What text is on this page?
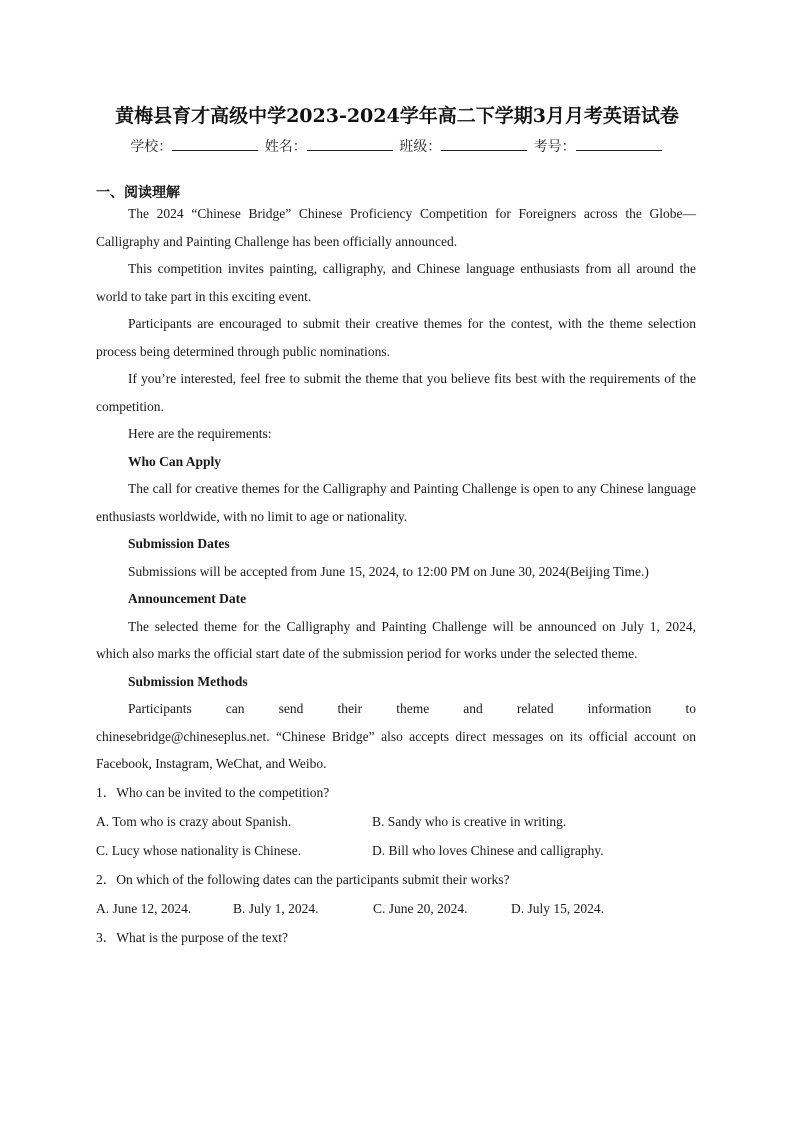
黄梅县育才高级中学2023-2024学年高二下学期3月月考英语试卷
学校：	姓名：	班级：	考号：
一、阅读理解

The 2024 “Chinese Bridge” Chinese Proficiency Competition for Foreigners across the Globe—Calligraphy and Painting Challenge has been officially announced.

This competition invites painting, calligraphy, and Chinese language enthusiasts from all around the world to take part in this exciting event.

Participants are encouraged to submit their creative themes for the contest, with the theme selection process being determined through public nominations.

If you’re interested, feel free to submit the theme that you believe fits best with the requirements of the competition.

Here are the requirements:

Who Can Apply

The call for creative themes for the Calligraphy and Painting Challenge is open to any Chinese language enthusiasts worldwide, with no limit to age or nationality.

Submission Dates

Submissions will be accepted from June 15, 2024, to 12:00 PM on June 30, 2024(Beijing Time.)

Announcement Date

The selected theme for the Calligraphy and Painting Challenge will be announced on July 1, 2024, which also marks the official start date of the submission period for works under the selected theme.

Submission Methods

Participants can send their theme and related information to

chinesebridge@chineseplus.net. “Chinese Bridge” also accepts direct messages on its official account on Facebook, Instagram, WeChat, and Weibo.

1．Who can be invited to the competition?

A. Tom who is crazy about Spanish.	B. Sandy who is creative in writing.
C. Lucy whose nationality is Chinese.	D. Bill who loves Chinese and calligraphy.

2．On which of the following dates can the participants submit their works?

A. June 12, 2024.	B. July 1, 2024.	C. June 20, 2024.	D. July 15, 2024.

3．What is the purpose of the text?
